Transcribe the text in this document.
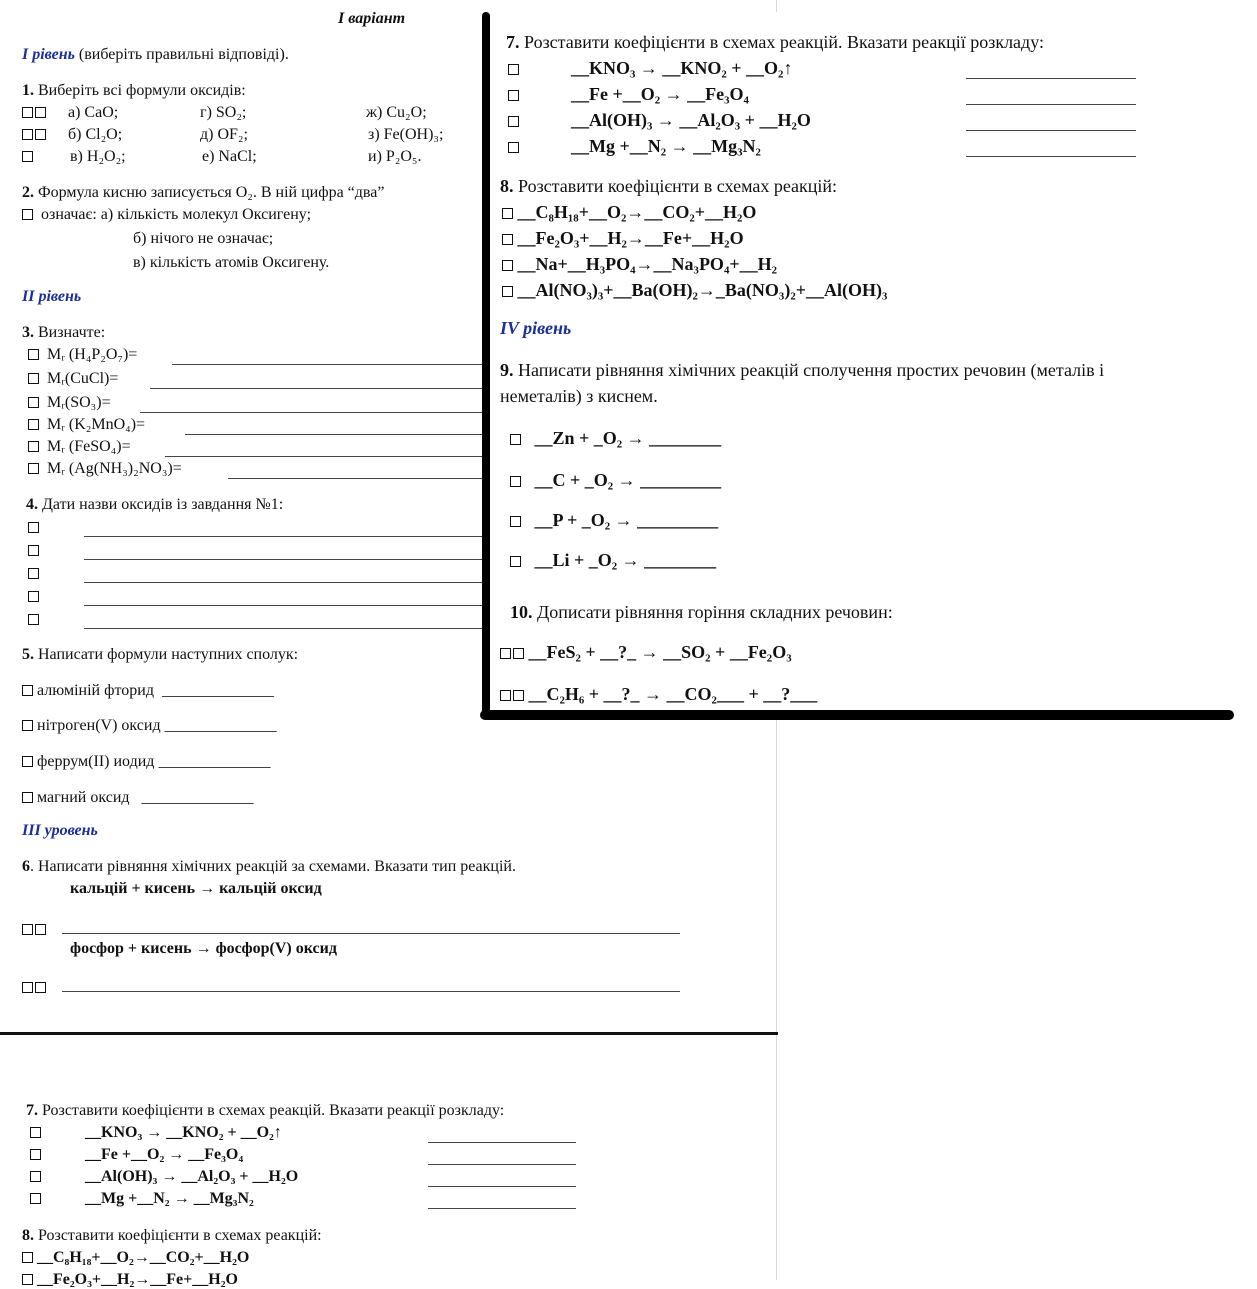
І варіант
І рівень (виберіть правильні відповіді).
1. Виберіть всі формули оксидів:
а) CaO;	г) SO₂;	ж) Cu₂O;
б) Cl₂O;	д) OF₂;	з) Fe(OH)₃;
в) H₂O₂;	е) NaCl;	и) P₂O₅.
2. Формула кисню записується O₂. В ній цифра “два”
означає: а) кількість молекул Оксигену;
б) нічого не означає;
в) кількість атомів Оксигену.
II рівень
3. Визначте:
Mᵣ (H₄P₂O₇)=
Mᵣ(CuCl)=
Mᵣ(SO₃)=
Mᵣ (K₂MnO₄)=
Mᵣ (FeSO₄)=
Mᵣ (Ag(NH₃)₂NO₃)=
4. Дати назви оксидів із завдання №1:
5. Написати формули наступних сполук:
алюміній фторид ______________
нітроген(V) оксид ______________
феррум(II) иодид ______________
магний оксид ______________
III уровень
6. Написати рівняння хімічних реакцій за схемами. Вказати тип реакцій.
кальцій + кисень → кальцій оксид
фосфор + кисень → фосфор(V) оксид
7. Розставити коефіцієнти в схемах реакцій. Вказати реакції розкладу:
__KNO₃ → __KNO₂ + __O₂↑
__Fe +__O₂ → __Fe₃O₄
__Al(OH)₃ → __Al₂O₃ + __H₂O
__Mg +__N₂ → __Mg₃N₂
8. Розставити коефіцієнти в схемах реакцій:
__C₈H₁₈+__O₂→__CO₂+__H₂O
__Fe₂O₃+__H₂→__Fe+__H₂O
7. Розставити коефіцієнти в схемах реакцій. Вказати реакції розкладу:
__KNO₃ → __KNO₂ + __O₂↑
__Fe +__O₂ → __Fe₃O₄
__Al(OH)₃ → __Al₂O₃ + __H₂O
__Mg +__N₂ → __Mg₃N₂
8. Розставити коефіцієнти в схемах реакцій:
__C₈H₁₈+__O₂→__CO₂+__H₂O
__Fe₂O₃+__H₂→__Fe+__H₂O
__Na+__H₃PO₄→__Na₃PO₄+__H₂
__Al(NO₃)₃+__Ba(OH)₂→_Ba(NO₃)₂+__Al(OH)₃
IV рівень
9. Написати рівняння хімічних реакцій сполучення простих речовин (металів і
неметалів) з киснем.
__Zn + _O₂ → ________
__C + _O₂ → _________
__P + _O₂ → _________
__Li + _O₂ → ________
10. Дописати рівняння горіння складних речовин:
__FeS₂ + __?_ → __SO₂ + __Fe₂O₃
__C₂H₆ + __?_ → __CO₂___ + __?___
